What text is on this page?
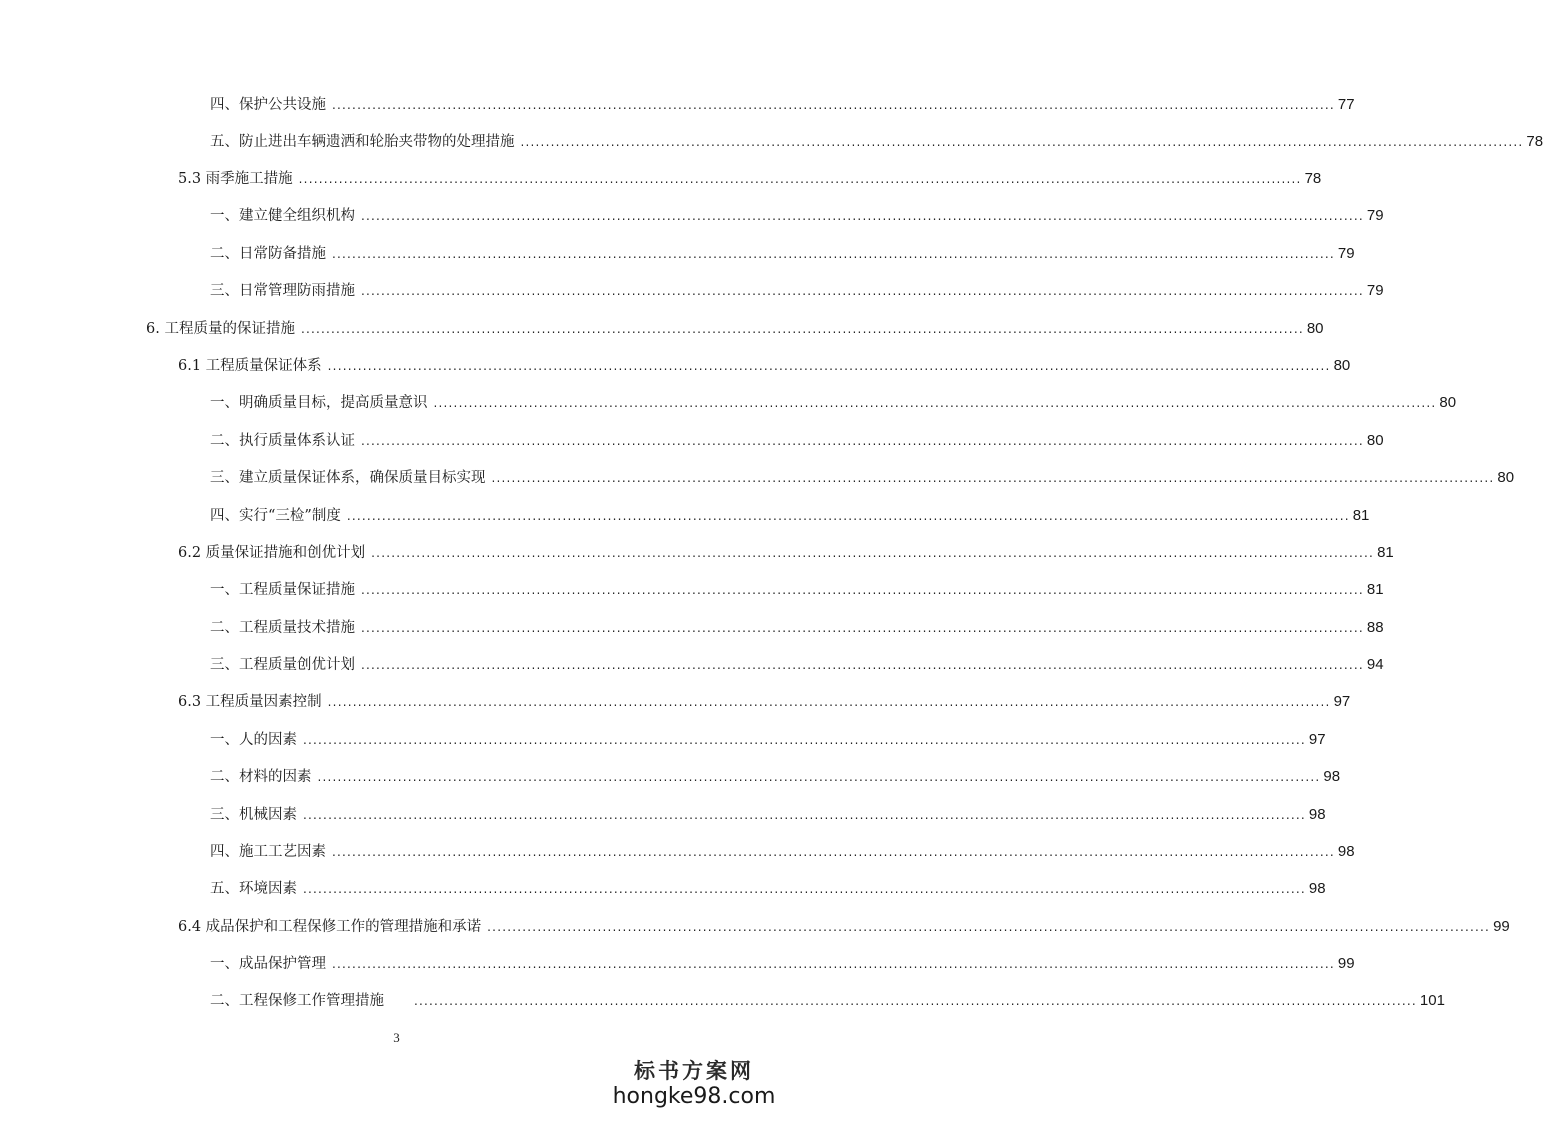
四、保护公共设施 ........................................................................................................................................................................................................ 77
五、防止进出车辆遗洒和轮胎夹带物的处理措施 ........................................................................................................................................................................................................ 78
5.3 雨季施工措施 ........................................................................................................................................................................................................ 78
一、建立健全组织机构 ........................................................................................................................................................................................................ 79
二、日常防备措施 ........................................................................................................................................................................................................ 79
三、日常管理防雨措施 ........................................................................................................................................................................................................ 79
6. 工程质量的保证措施 ........................................................................................................................................................................................................ 80
6.1 工程质量保证体系 ........................................................................................................................................................................................................ 80
一、明确质量目标，提高质量意识 ........................................................................................................................................................................................................ 80
二、执行质量体系认证 ........................................................................................................................................................................................................ 80
三、建立质量保证体系，确保质量目标实现 ........................................................................................................................................................................................................ 80
四、实行“三检”制度 ........................................................................................................................................................................................................ 81
6.2 质量保证措施和创优计划 ........................................................................................................................................................................................................ 81
一、工程质量保证措施 ........................................................................................................................................................................................................ 81
二、工程质量技术措施 ........................................................................................................................................................................................................ 88
三、工程质量创优计划 ........................................................................................................................................................................................................ 94
6.3 工程质量因素控制 ........................................................................................................................................................................................................ 97
一、人的因素 ........................................................................................................................................................................................................ 97
二、材料的因素 ........................................................................................................................................................................................................ 98
三、机械因素 ........................................................................................................................................................................................................ 98
四、施工工艺因素 ........................................................................................................................................................................................................ 98
五、环境因素 ........................................................................................................................................................................................................ 98
6.4 成品保护和工程保修工作的管理措施和承诺 ........................................................................................................................................................................................................ 99
一、成品保护管理 ........................................................................................................................................................................................................ 99
二、工程保修工作管理措施	........................................................................................................................................................................................................ 101
3
标书方案网
hongke98.com
